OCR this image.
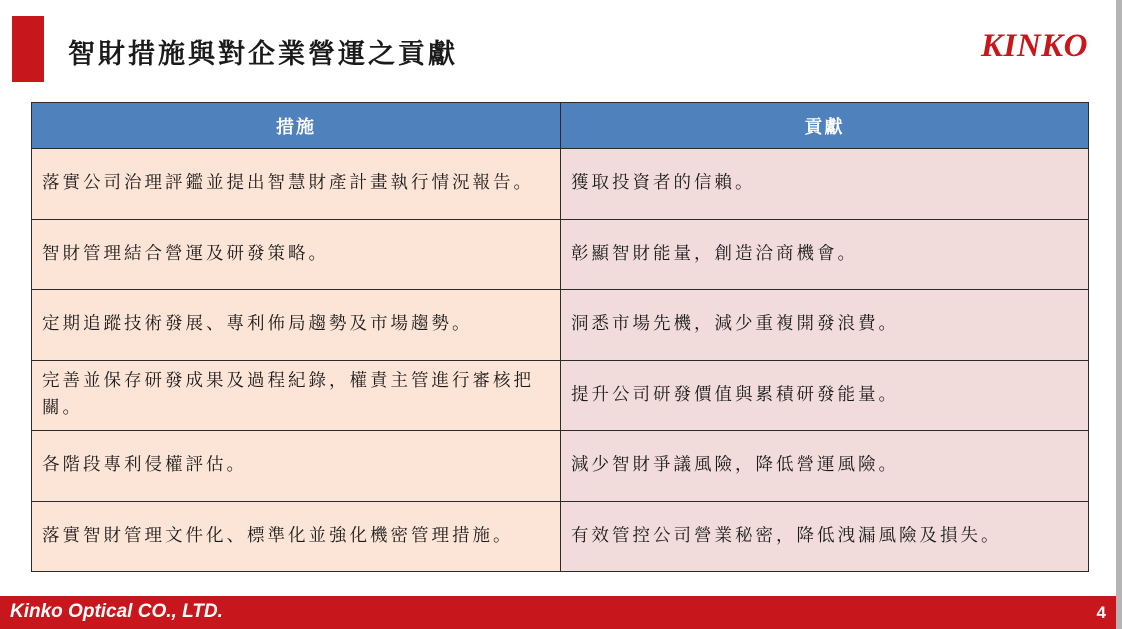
智財措施與對企業營運之貢獻	KINKO
措施	貢獻
落實公司治理評鑑並提出智慧財產計畫執行情況報告。	獲取投資者的信賴。
智財管理結合營運及研發策略。	彰顯智財能量，創造洽商機會。
定期追蹤技術發展、專利佈局趨勢及市場趨勢。	洞悉市場先機，減少重複開發浪費。
完善並保存研發成果及過程紀錄，權責主管進行審核把關。	提升公司研發價值與累積研發能量。
各階段專利侵權評估。	減少智財爭議風險，降低營運風險。
落實智財管理文件化、標準化並強化機密管理措施。	有效管控公司營業秘密，降低洩漏風險及損失。
Kinko Optical CO., LTD.	4
